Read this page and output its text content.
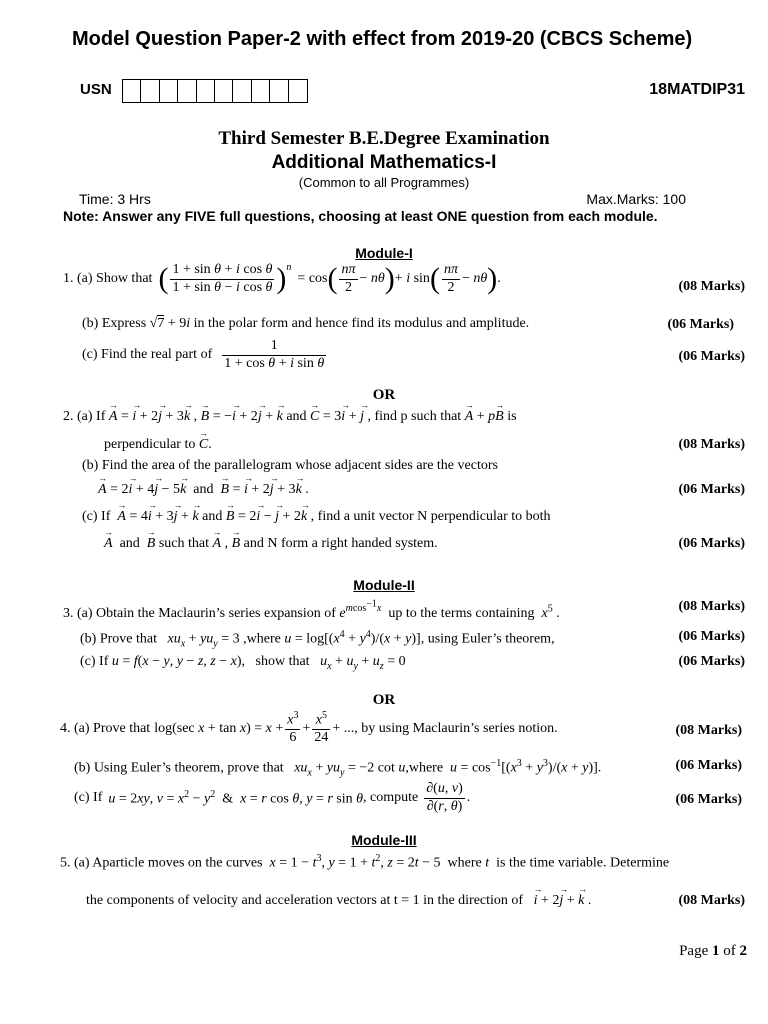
Model Question Paper-2 with effect from 2019-20 (CBCS Scheme)
USN	18MATDIP31
Third Semester B.E.Degree Examination
Additional Mathematics-I
(Common to all Programmes)
Time: 3 Hrs	Max.Marks: 100
Note: Answer any FIVE full questions, choosing at least ONE question from each module.
Module-I
1. (a) Show that ( $\frac{\text{1 + sin θ + i cos θ}}{\text{1 + sin θ − i cos θ}}$ ) $^n$
= cos ( $\frac{n\pi}{2} - n\theta$ ) + i sin ( $\frac{n\pi}{2} - n\theta$ ) .
(08 Marks)
(b) Express √7 + 9i in the polar form and hence find its modulus and amplitude.	(06 Marks)
(c) Find the real part of $\frac{1}{\text{1 + cos θ + i sin θ}}$	(06 Marks)
OR
2. (a) If → A = → i + 2→ j + 3→ k , → B = −→ i + 2→ j + → k and → C = 3→ i + → j , find p such that → A + p→ B is
perpendicular to → C.	(08 Marks)
(b) Find the area of the parallelogram whose adjacent sides are the vectors
→ A = 2→ i + 4→ j − 5→ k  and  → B = → i + 2→ j + 3→ k .	(06 Marks)
(c) If → A = 4→ i + 3→ j + → k and → B = 2→ i − → j + 2→ k , find a unit vector N perpendicular to both
→ A  and  → B such that → A , → B and N form a right handed system.	(06 Marks)
Module-II
3. (a) Obtain the Maclaurin’s series expansion of $e^{mcos^{-1}x}$ up to the terms containing $x^5$ .	(08 Marks)
(b) Prove that $xu_x + yu_y = 3$ ,where $u = \log[(x^4 + y^4)/(x + y)]$, using Euler’s theorem,	(06 Marks)
(c) If u = f(x − y, y − z, z − x),   show that $u_x + u_y + u_z = 0$	(06 Marks)
OR
4. (a) Prove that log(sec $x + \tan x) = x + \frac{x^3}{6} + \frac{x^5}{24}$ + ... , by using Maclaurin’s series notion.	(08 Marks)
(b) Using Euler’s theorem, prove that $xu_x + yu_y = -2$ cot u,where $u = \cos^{-1}[(x^3 + y^3)/(x + y)]$.	(06 Marks)
(c) If u = 2xy, $v = x^2 - y^2$  &  x = r cos θ, y = r sin θ , compute $\frac{\partial(u, v)}{\partial(r, \theta)}$ .	(06 Marks)
Module-III
5. (a) Aparticle moves on the curves $x = 1 - t^3$, $y = 1 + t^2$, z = 2t − 5  where t is the time variable. Determine
the components of velocity and acceleration vectors at t = 1 in the direction of → i + 2→ j + → k .	(08 Marks)
Page 1 of 2
